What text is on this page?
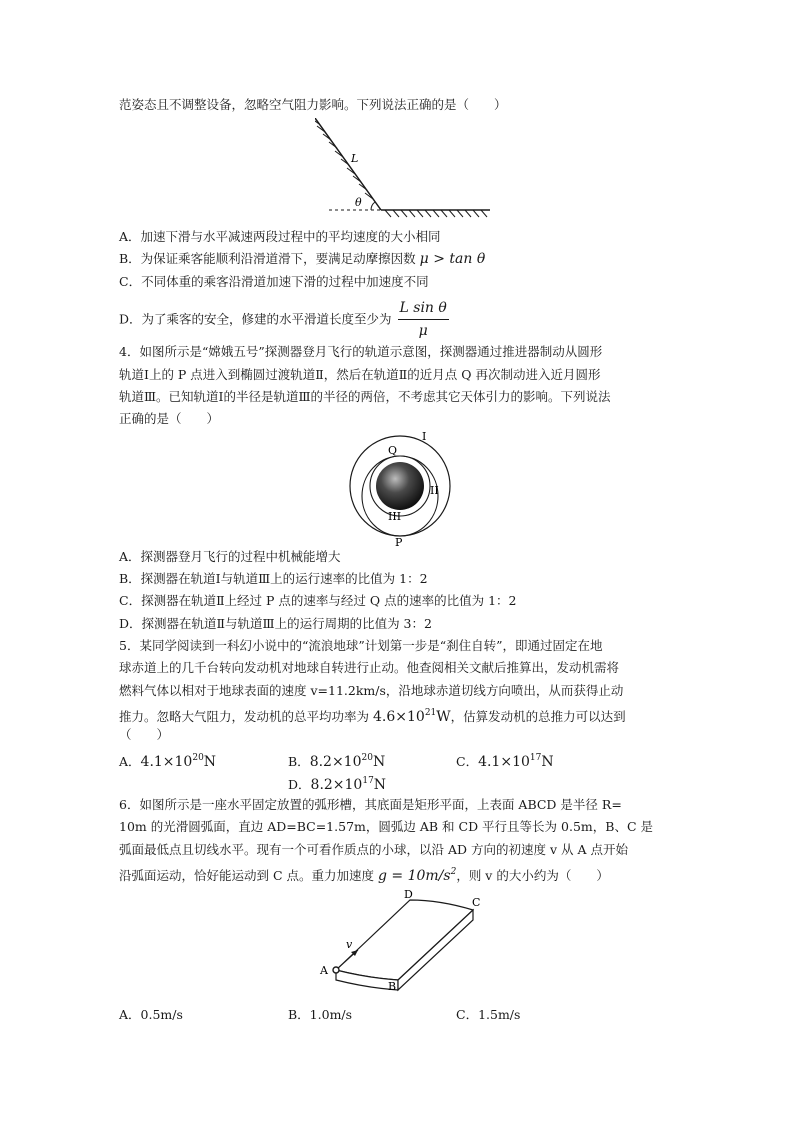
范姿态且不调整设备，忽略空气阻力影响。下列说法正确的是（　　）
L
θ
A．加速下滑与水平减速两段过程中的平均速度的大小相同
B．为保证乘客能顺利沿滑道滑下，要满足动摩擦因数 μ > tan θ
C．不同体重的乘客沿滑道加速下滑的过程中加速度不同
D．为了乘客的安全，修建的水平滑道长度至少为 $\frac{\text{L sin θ}}{\mu}$
4．如图所示是“嫦娥五号”探测器登月飞行的轨道示意图，探测器通过推进器制动从圆形
轨道Ⅰ上的 P 点进入到椭圆过渡轨道Ⅱ，然后在轨道Ⅱ的近月点 Q 再次制动进入近月圆形
轨道Ⅲ。已知轨道Ⅰ的半径是轨道Ⅲ的半径的两倍，不考虑其它天体引力的影响。下列说法
正确的是（　　）
Q
I
II
III
P
A．探测器登月飞行的过程中机械能增大
B．探测器在轨道Ⅰ与轨道Ⅲ上的运行速率的比值为 1：2
C．探测器在轨道Ⅱ上经过 P 点的速率与经过 Q 点的速率的比值为 1：2
D．探测器在轨道Ⅱ与轨道Ⅲ上的运行周期的比值为 3：2
5．某同学阅读到一科幻小说中的“流浪地球”计划第一步是“刹住自转”，即通过固定在地
球赤道上的几千台转向发动机对地球自转进行止动。他查阅相关文献后推算出，发动机需将
燃料气体以相对于地球表面的速度 v=11.2km/s，沿地球赤道切线方向喷出，从而获得止动
推力。忽略大气阻力，发动机的总平均功率为 $4.6\times 10^{21}W$，估算发动机的总推力可以达到
（　　）
A．$4.1\times 10^{20}N$	B．$8.2\times 10^{20}N$	C．$4.1\times 10^{17}N$
D．$8.2\times 10^{17}N$
6．如图所示是一座水平固定放置的弧形槽，其底面是矩形平面，上表面 ABCD 是半径 R=
10m 的光滑圆弧面，直边 AD=BC=1.57m，圆弧边 AB 和 CD 平行且等长为 0.5m，B、C 是
弧面最低点且切线水平。现有一个可看作质点的小球，以沿 AD 方向的初速度 v 从 A 点开始
沿弧面运动，恰好能运动到 C 点。重力加速度 $g = 10m/s^2$，则 v 的大小约为（　　）
A
B
C
D
v
A．0.5m/s	B．1.0m/s	C．1.5m/s
